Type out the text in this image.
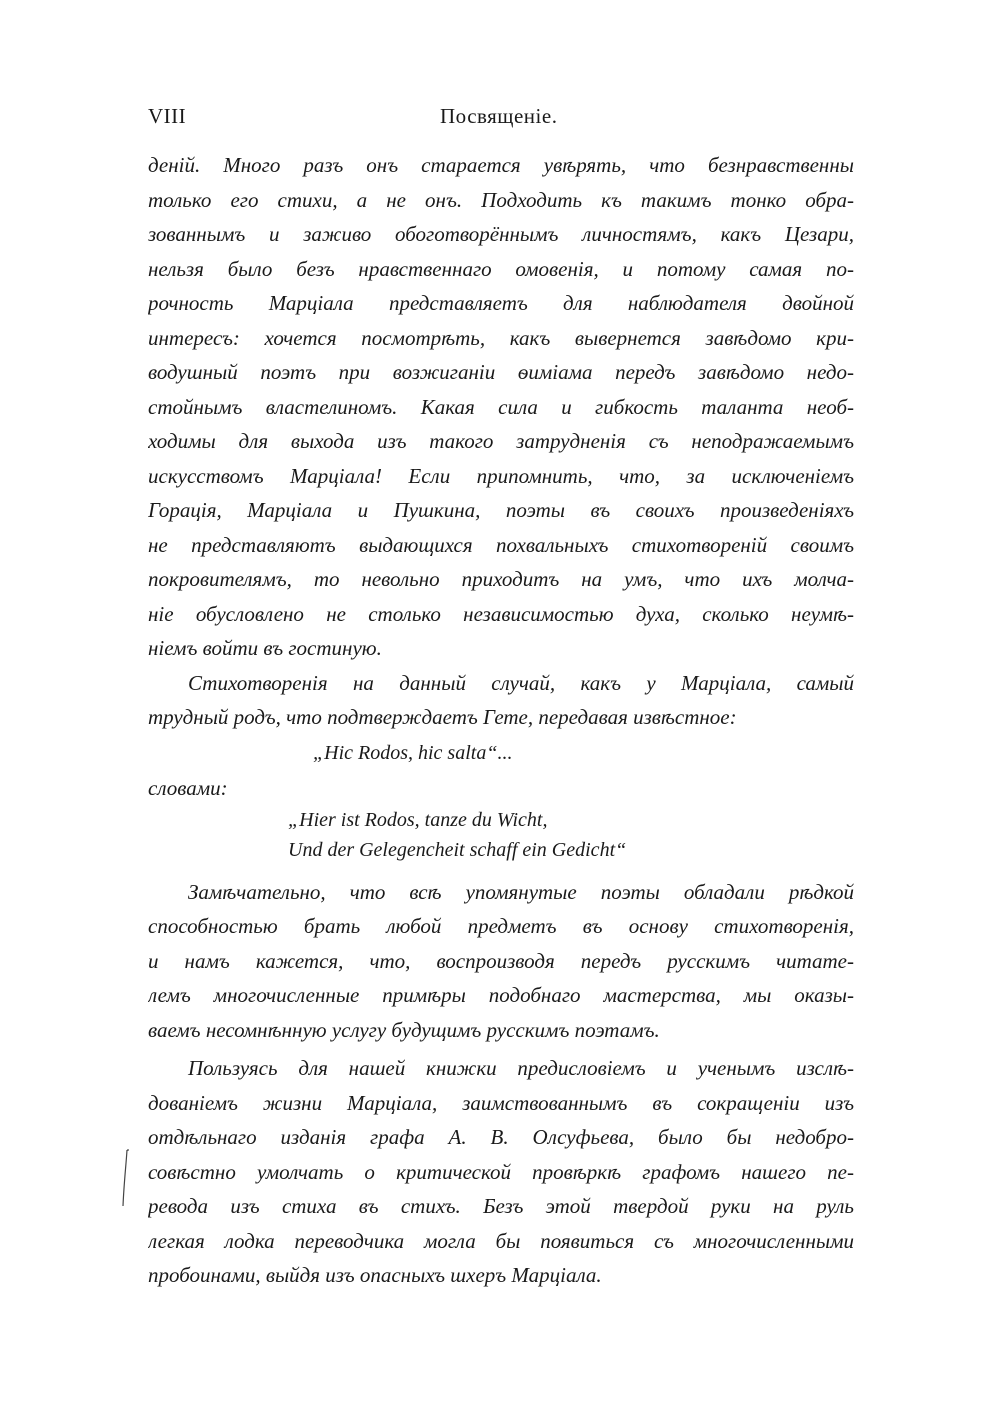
VIII	Посвященіе.
деній. Много разъ онъ старается увѣрять, что безнравственны
только его стихи, а не онъ. Подходить къ такимъ тонко обра-
зованнымъ и заживо обоготворённымъ личностямъ, какъ Цезари,
нельзя было безъ нравственнаго омовенія, и потому самая по-
рочность Марціала представляетъ для наблюдателя двойной
интересъ: хочется посмотрѣть, какъ вывернется завѣдомо кри-
водушный поэтъ при возжиганіи ѳиміама передъ завѣдомо недо-
стойнымъ властелиномъ. Какая сила и гибкость таланта необ-
ходимы для выхода изъ такого затрудненія съ неподражаемымъ
искусствомъ Марціала! Если припомнить, что, за исключеніемъ
Горація, Марціала и Пушкина, поэты въ своихъ произведеніяхъ
не представляютъ выдающихся похвальныхъ стихотвореній своимъ
покровителямъ, то невольно приходитъ на умъ, что ихъ молча-
ніе обусловлено не столько независимостью духа, сколько неумѣ-
ніемъ войти въ гостиную.
Стихотворенія на данный случай, какъ у Марціала, самый
трудный родъ, что подтверждаетъ Гете, передавая извѣстное:
„Hic Rodos, hic salta“...
словами:
„Hier ist Rodos, tanze du Wicht,
Und der Gelegencheit schaff ein Gedicht“
Замѣчательно, что всѣ упомянутые поэты обладали рѣдкой
способностью брать любой предметъ въ основу стихотворенія,
и намъ кажется, что, воспроизводя передъ русскимъ читате-
лемъ многочисленные примѣры подобнаго мастерства, мы оказы-
ваемъ несомнѣнную услугу будущимъ русскимъ поэтамъ.
Пользуясь для нашей книжки предисловіемъ и ученымъ изслѣ-
дованіемъ жизни Марціала, заимствованнымъ въ сокращеніи изъ
отдѣльнаго изданія графа А. В. Олсуфьева, было бы недобро-
совѣстно умолчать о критической провѣркѣ графомъ нашего пе-
ревода изъ стиха въ стихъ. Безъ этой твердой руки на руль
легкая лодка переводчика могла бы появиться съ многочисленными
пробоинами, выйдя изъ опасныхъ шхеръ Марціала.
